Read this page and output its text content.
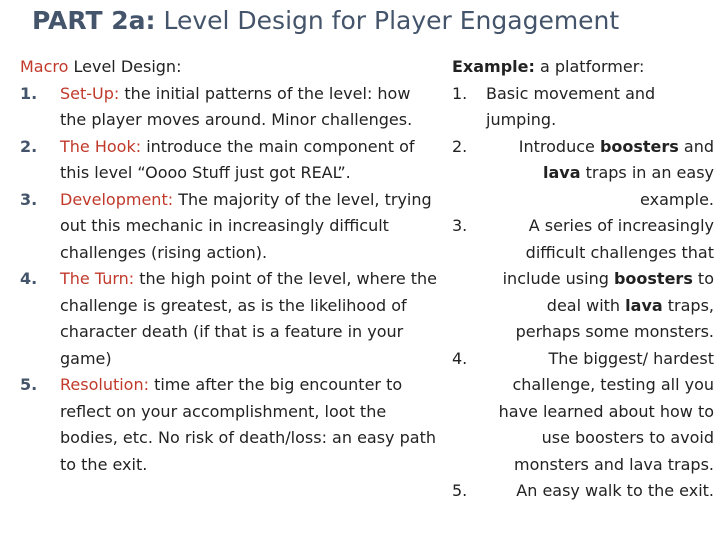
PART 2a: Level Design for Player Engagement
Macro Level Design:
1. Set-Up: the initial patterns of the level: how the player moves around. Minor challenges.
2. The Hook: introduce the main component of this level “Oooo Stuff just got REAL”.
3. Development: The majority of the level, trying out this mechanic in increasingly difficult challenges (rising action).
4. The Turn: the high point of the level, where the challenge is greatest, as is the likelihood of character death (if that is a feature in your game)
5. Resolution: time after the big encounter to reflect on your accomplishment, loot the bodies, etc. No risk of death/loss: an easy path to the exit.
Example: a platformer:
1. Basic movement and jumping.
2.	Introduce boosters and lava traps in an easy example.
3.	A series of increasingly difficult challenges that include using boosters to deal with lava traps, perhaps some monsters.
4.	The biggest/ hardest challenge, testing all you have learned about how to use boosters to avoid monsters and lava traps.
5.	An easy walk to the exit.
